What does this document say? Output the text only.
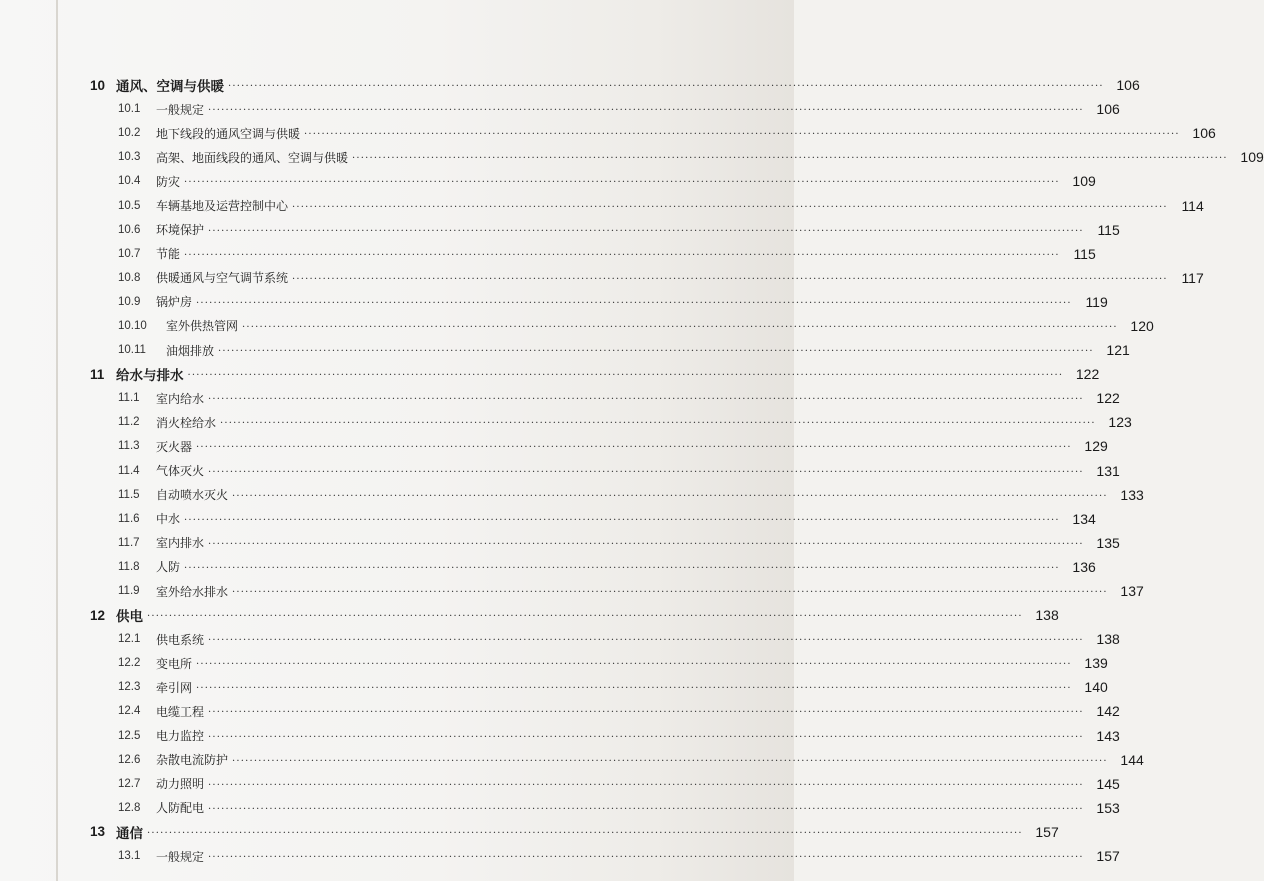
10 通风、空调与供暖 ········································································································································································································ 106
10.1	一般规定 ········································································································································································································ 106
10.2	地下线段的通风空调与供暖 ········································································································································································································ 106
10.3	高架、地面线段的通风、空调与供暖 ········································································································································································································ 109
10.4	防灾 ········································································································································································································ 109
10.5	车辆基地及运营控制中心 ········································································································································································································ 114
10.6	环境保护 ········································································································································································································ 115
10.7	节能 ········································································································································································································ 115
10.8	供暖通风与空气调节系统 ········································································································································································································ 117
10.9	锅炉房 ········································································································································································································ 119
10.10	室外供热管网 ········································································································································································································ 120
10.11	油烟排放 ········································································································································································································ 121
11 给水与排水 ········································································································································································································ 122
11.1	室内给水 ········································································································································································································ 122
11.2	消火栓给水 ········································································································································································································ 123
11.3	灭火器 ········································································································································································································ 129
11.4	气体灭火 ········································································································································································································ 131
11.5	自动喷水灭火 ········································································································································································································ 133
11.6	中水 ········································································································································································································ 134
11.7	室内排水 ········································································································································································································ 135
11.8	人防 ········································································································································································································ 136
11.9	室外给水排水 ········································································································································································································ 137
12 供电 ········································································································································································································ 138
12.1	供电系统 ········································································································································································································ 138
12.2	变电所 ········································································································································································································ 139
12.3	牵引网 ········································································································································································································ 140
12.4	电缆工程 ········································································································································································································ 142
12.5	电力监控 ········································································································································································································ 143
12.6	杂散电流防护 ········································································································································································································ 144
12.7	动力照明 ········································································································································································································ 145
12.8	人防配电 ········································································································································································································ 153
13 通信 ········································································································································································································ 157
13.1	一般规定 ········································································································································································································ 157
